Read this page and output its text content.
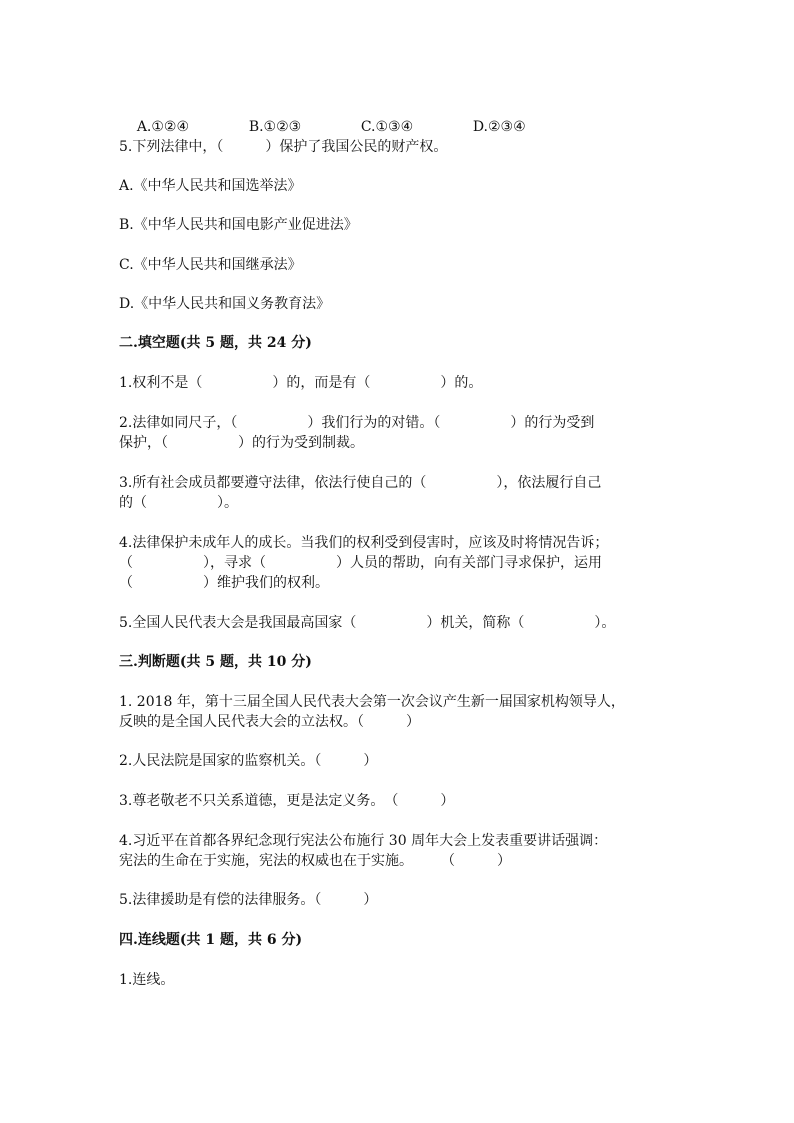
A.①②④	B.①②③	C.①③④	D.②③④

5.下列法律中，（　　　）保护了我国公民的财产权。
A.《中华人民共和国选举法》
B.《中华人民共和国电影产业促进法》
C.《中华人民共和国继承法》
D.《中华人民共和国义务教育法》
二.填空题(共 5 题，共 24 分)
1.权利不是（　　　　　）的，而是有（　　　　　）的。
2.法律如同尺子，（　　　　　）我们行为的对错。（　　　　　）的行为受到
保护，（　　　　　）的行为受到制裁。
3.所有社会成员都要遵守法律，依法行使自己的（　　　　　），依法履行自己
的（　　　　　）。
4.法律保护未成年人的成长。当我们的权利受到侵害时，应该及时将情况告诉；
（　　　　　），寻求（　　　　　）人员的帮助，向有关部门寻求保护，运用
（　　　　　）维护我们的权利。
5.全国人民代表大会是我国最高国家（　　　　　）机关，简称（　　　　　）。
三.判断题(共 5 题，共 10 分)
1. 2018 年，第十三届全国人民代表大会第一次会议产生新一届国家机构领导人，
反映的是全国人民代表大会的立法权。（　　　）
2.人民法院是国家的监察机关。（　　　）
3.尊老敬老不只关系道德，更是法定义务。　（　　　）
4.习近平在首都各界纪念现行宪法公布施行 30 周年大会上发表重要讲话强调：
宪法的生命在于实施，宪法的权威也在于实施。　　　（　　　）
5.法律援助是有偿的法律服务。（　　　）
四.连线题(共 1 题，共 6 分)
1.连线。
